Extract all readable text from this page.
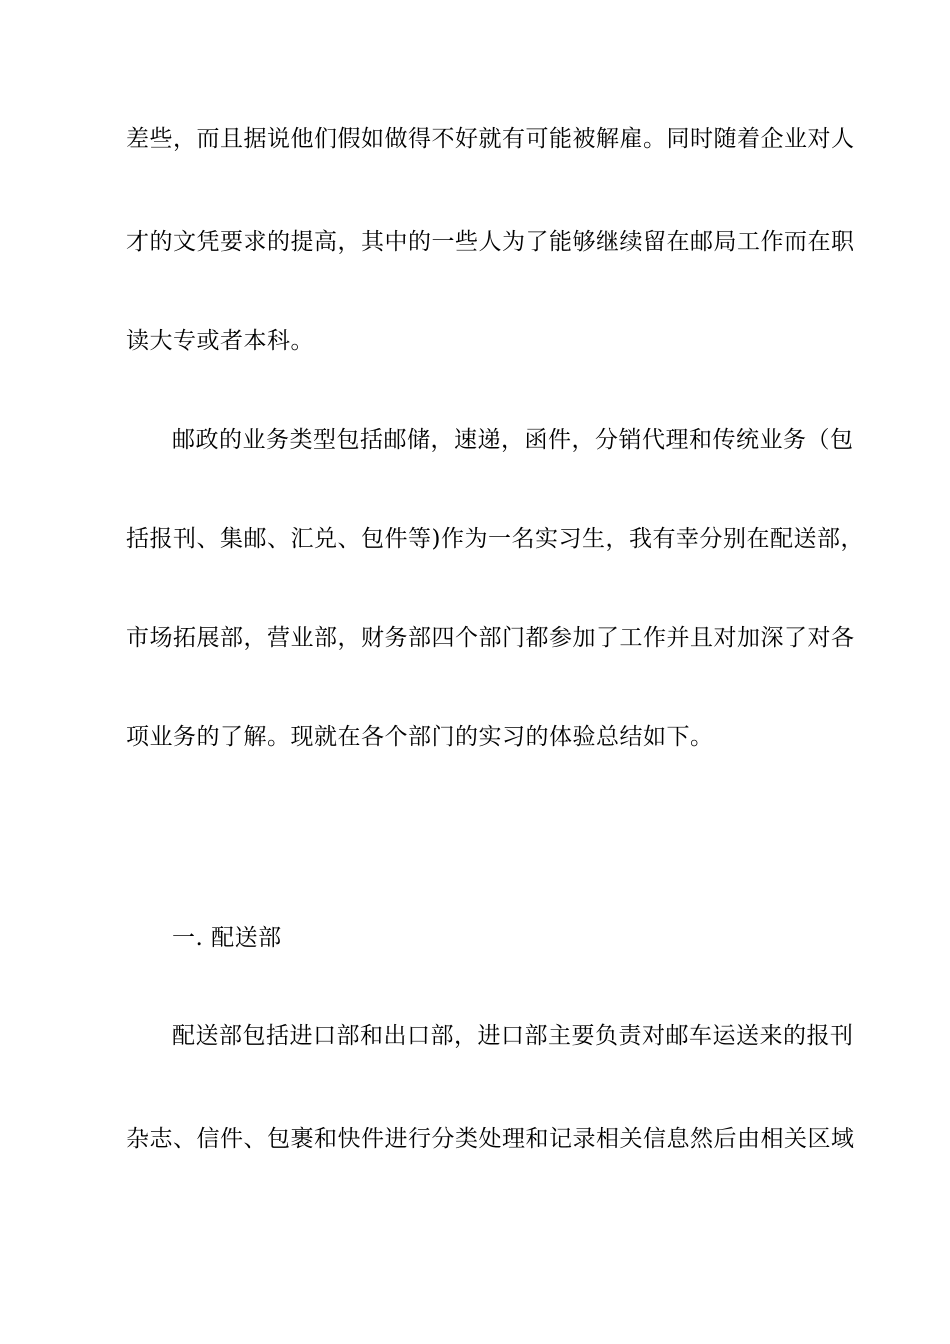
差些，而且据说他们假如做得不好就有可能被解雇。同时随着企业对人
才的文凭要求的提高，其中的一些人为了能够继续留在邮局工作而在职
读大专或者本科。
邮政的业务类型包括邮储，速递，函件，分销代理和传统业务（包
括报刊、集邮、汇兑、包件等)作为一名实习生，我有幸分别在配送部，
市场拓展部，营业部，财务部四个部门都参加了工作并且对加深了对各
项业务的了解。现就在各个部门的实习的体验总结如下。
一. 配送部
配送部包括进口部和出口部，进口部主要负责对邮车运送来的报刊
杂志、信件、包裹和快件进行分类处理和记录相关信息然后由相关区域
